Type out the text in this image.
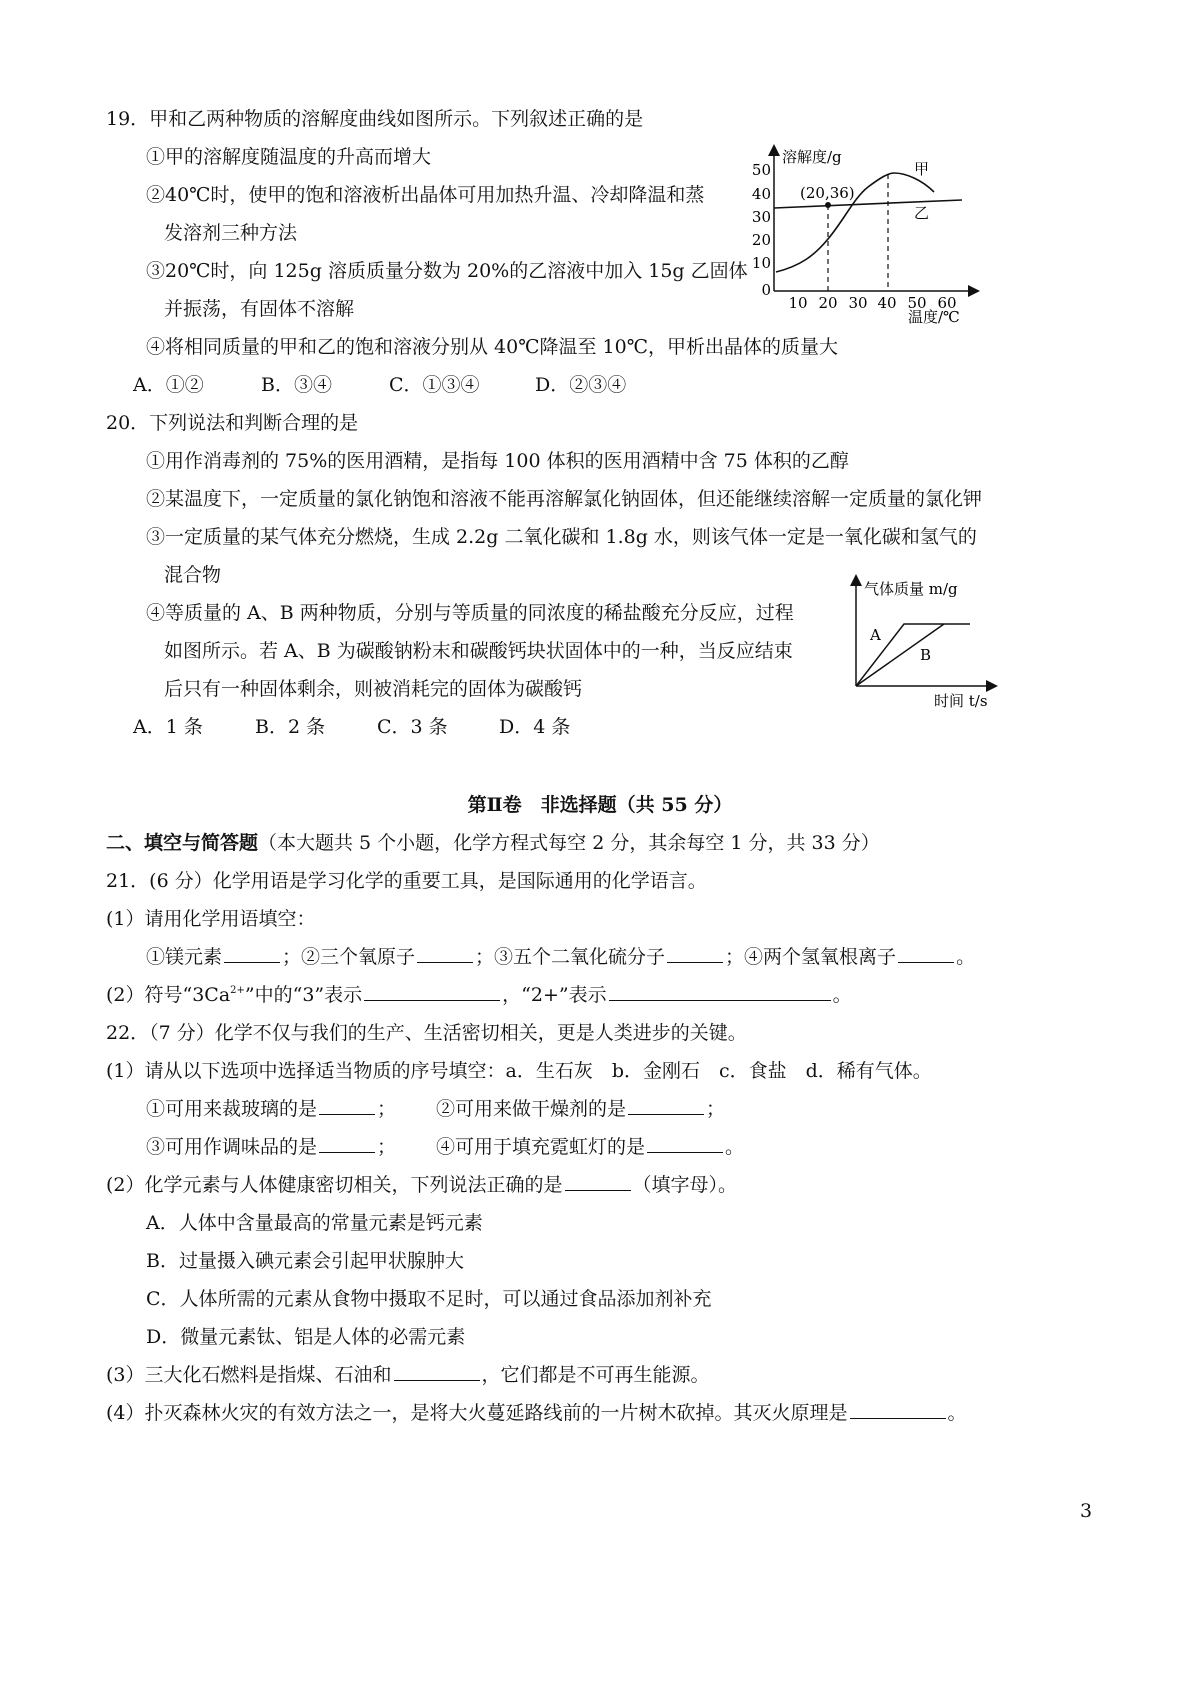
19．甲和乙两种物质的溶解度曲线如图所示。下列叙述正确的是
①甲的溶解度随温度的升高而增大
②40℃时，使甲的饱和溶液析出晶体可用加热升温、冷却降温和蒸
发溶剂三种方法
③20℃时，向 125g 溶质质量分数为 20%的乙溶液中加入 15g 乙固体
并振荡，有固体不溶解
④将相同质量的甲和乙的饱和溶液分别从 40℃降温至 10℃，甲析出晶体的质量大
A．①②	B．③④	C．①③④	D．②③④
溶解度/g
温度/℃
50
40
30
20
10
0
10 20 30 40 50 60
(20,36)
甲
乙
20．下列说法和判断合理的是
①用作消毒剂的 75%的医用酒精，是指每 100 体积的医用酒精中含 75 体积的乙醇
②某温度下，一定质量的氯化钠饱和溶液不能再溶解氯化钠固体，但还能继续溶解一定质量的氯化钾
③一定质量的某气体充分燃烧，生成 2.2g 二氧化碳和 1.8g 水，则该气体一定是一氧化碳和氢气的
混合物
④等质量的 A、B 两种物质，分别与等质量的同浓度的稀盐酸充分反应，过程
如图所示。若 A、B 为碳酸钠粉末和碳酸钙块状固体中的一种，当反应结束
后只有一种固体剩余，则被消耗完的固体为碳酸钙
A．1 条	B．2 条	C．3 条	D．4 条
气体质量 m/g
时间 t/s
A
B
第Ⅱ卷　非选择题（共 55 分）
二、填空与简答题（本大题共 5 个小题，化学方程式每空 2 分，其余每空 1 分，共 33 分）
21．(6 分）化学用语是学习化学的重要工具，是国际通用的化学语言。
(1）请用化学用语填空：
①镁元素	；②三个氧原子	；③五个二氧化硫分子	；④两个氢氧根离子	。
(2）符号“$3Ca^{2+}$”中的“3”表示	，“2+”表示	。
22．（7 分）化学不仅与我们的生产、生活密切相关，更是人类进步的关键。
(1）请从以下选项中选择适当物质的序号填空：a．生石灰　b．金刚石　c．食盐　d．稀有气体。
①可用来裁玻璃的是	； ②可用来做干燥剂的是	；
③可用作调味品的是	； ④可用于填充霓虹灯的是	。
(2）化学元素与人体健康密切相关，下列说法正确的是	（填字母）。
A．人体中含量最高的常量元素是钙元素
B．过量摄入碘元素会引起甲状腺肿大
C．人体所需的元素从食物中摄取不足时，可以通过食品添加剂补充
D．微量元素钛、铝是人体的必需元素
(3）三大化石燃料是指煤、石油和	，它们都是不可再生能源。
(4）扑灭森林火灾的有效方法之一，是将大火蔓延路线前的一片树木砍掉。其灭火原理是	。
3
